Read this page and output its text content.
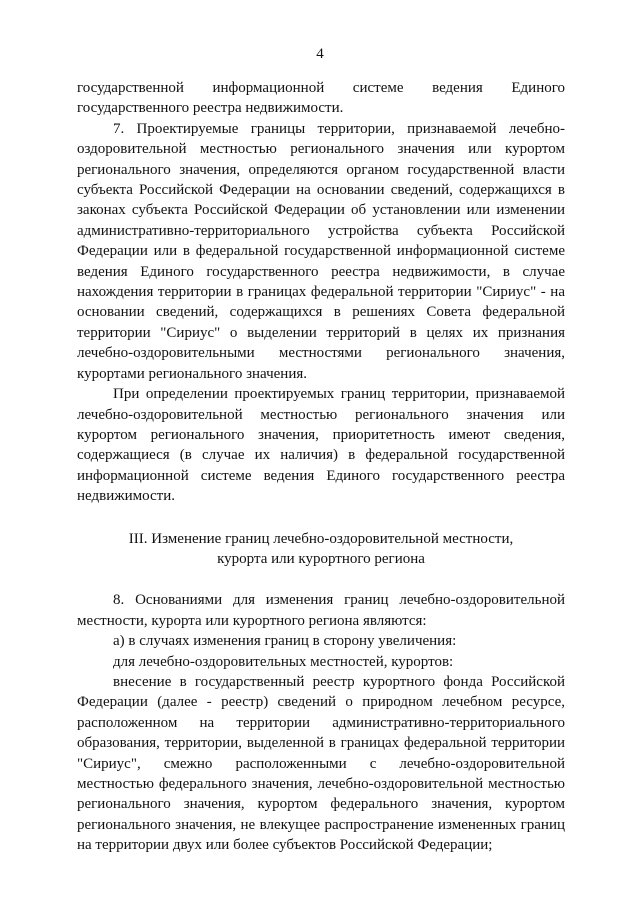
4

государственной информационной системе ведения Единого государственного реестра недвижимости.

7. Проектируемые границы территории, признаваемой лечебно-оздоровительной местностью регионального значения или курортом регионального значения, определяются органом государственной власти субъекта Российской Федерации на основании сведений, содержащихся в законах субъекта Российской Федерации об установлении или изменении административно-территориального устройства субъекта Российской Федерации или в федеральной государственной информационной системе ведения Единого государственного реестра недвижимости, в случае нахождения территории в границах федеральной территории "Сириус" - на основании сведений, содержащихся в решениях Совета федеральной территории "Сириус" о выделении территорий в целях их признания лечебно-оздоровительными местностями регионального значения, курортами регионального значения.

При определении проектируемых границ территории, признаваемой лечебно-оздоровительной местностью регионального значения или курортом регионального значения, приоритетность имеют сведения, содержащиеся (в случае их наличия) в федеральной государственной информационной системе ведения Единого государственного реестра недвижимости.

III. Изменение границ лечебно-оздоровительной местности,
курорта или курортного региона

8. Основаниями для изменения границ лечебно-оздоровительной местности, курорта или курортного региона являются:

а) в случаях изменения границ в сторону увеличения:

для лечебно-оздоровительных местностей, курортов:

внесение в государственный реестр курортного фонда Российской Федерации (далее - реестр) сведений о природном лечебном ресурсе, расположенном на территории административно-территориального образования, территории, выделенной в границах федеральной территории "Сириус", смежно расположенными с лечебно-оздоровительной местностью федерального значения, лечебно-оздоровительной местностью регионального значения, курортом федерального значения, курортом регионального значения, не влекущее распространение измененных границ на территории двух или более субъектов Российской Федерации;
